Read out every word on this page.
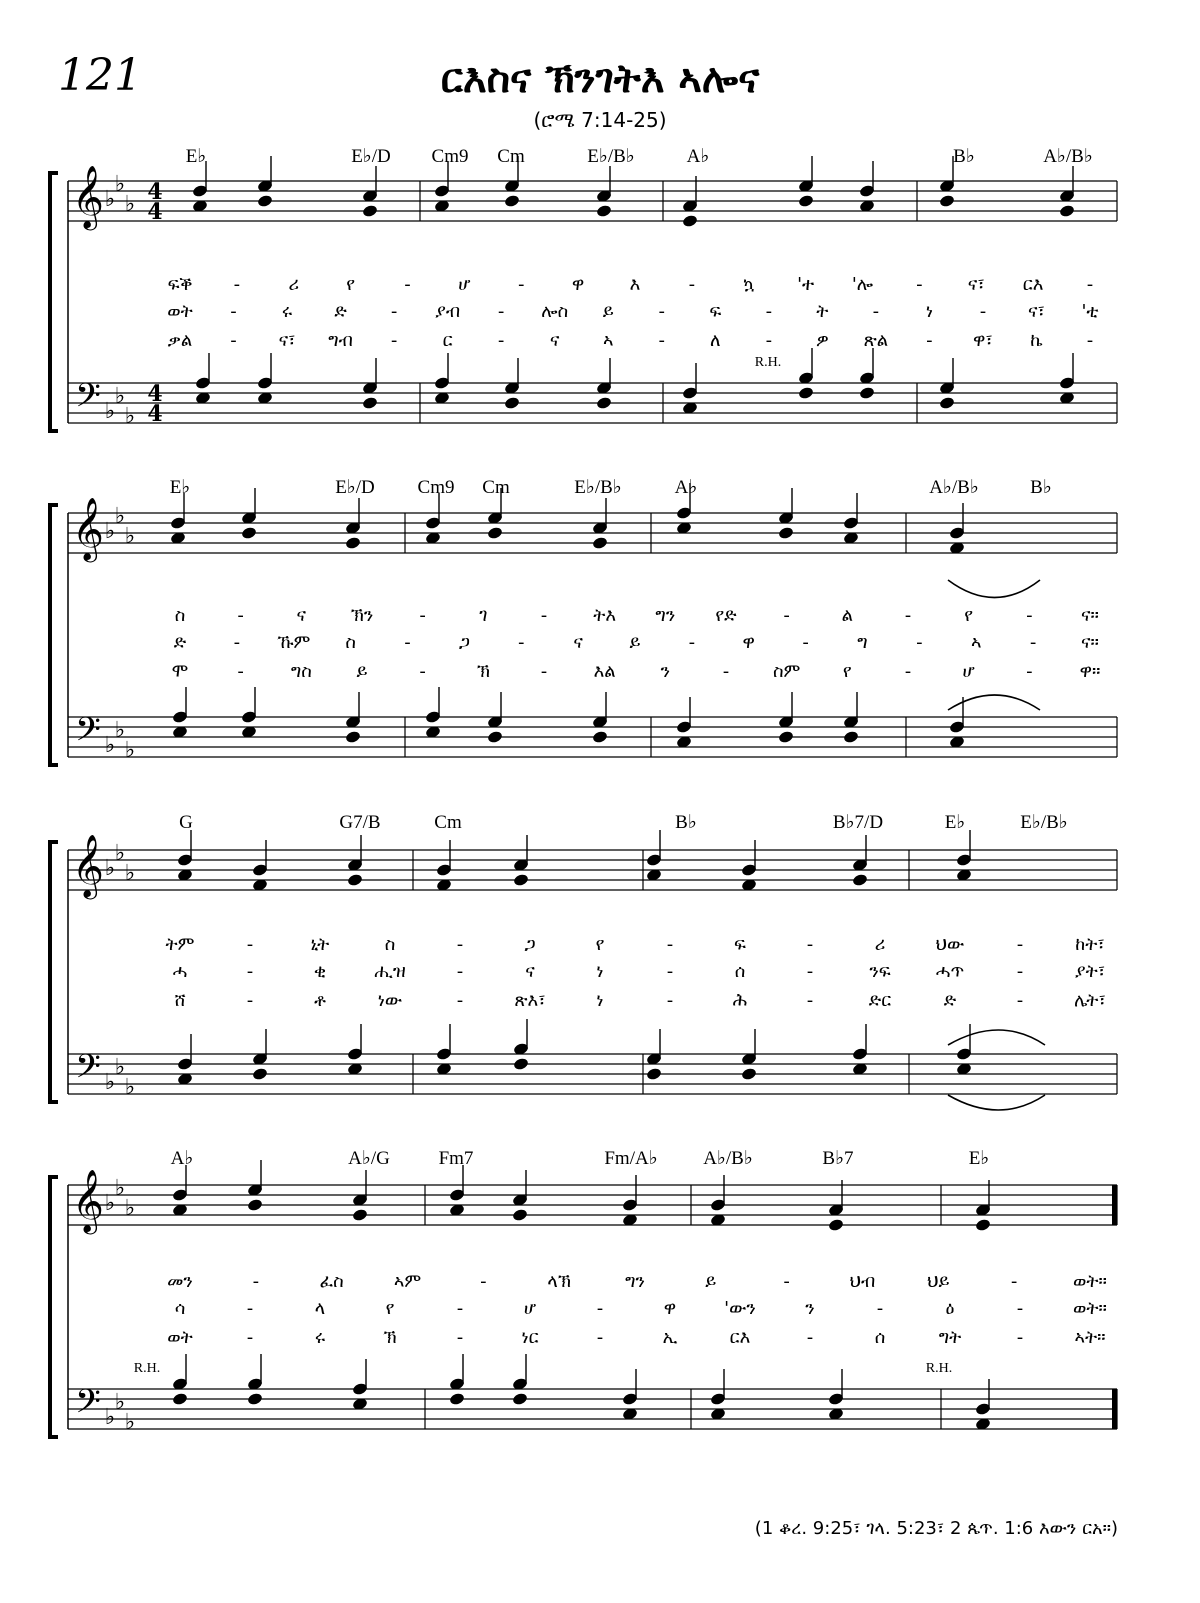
121	ርእስና ኽንገትእ ኣሎና
(ሮሜ 7:14-25)
E♭	E♭/D Cm9 Cm	E♭/B♭	A♭	B♭	A♭/B♭
𝄞
𝄢
♭
♭
♭
♭
♭
♭
4
4
4
4
ፍቕ -	ሪ	የ	-	ሆ	-	ዋ	እ	-	ኳ 'ተ 'ሎ -	ና፣ ርእ -
ወት -	ሩ ድ - ያብ - ሎስ ይ - ፍ - ት -	ነ	- ና፣ 'ቲ
ቃል - ና፣ ግብ -	ር	-	ና ኣ - ለ - ዎ ጽል - ዋ፣ ኬ -
R.H.
E♭	E♭/D Cm9 Cm	E♭/B♭	A♭	A♭/B♭	B♭
𝄞
𝄢
♭
♭
♭
♭
♭
♭
ስ	-	ና ኽን	-	ገ	-	ትእ ግን የድ	-	ል	-	የ	-	ና።
ድ	- ኹም ስ	-	ጋ	-	ና	ይ	-	ዋ	-	ግ	-	ኣ	- ና።
ሞ	-	ግስ ይ	-	ኽ	-	እል ን	- ስም የ	-	ሆ	-	ዋ።
G	G7/B	Cm	B♭	B♭7/D	E♭	E♭/B♭
𝄞
𝄢
♭
♭
♭
♭
♭
♭
ትም	-	ኒት	ስ	-	ጋ	የ	-	ፍ	-	ሪ	ህው	-	ከት፣
ሓ	-	ቂ	ሒዝ	-	ና	ነ	-	ሰ	-	ንፍ	ሓጥ	-	ያት፣
ሸ	-	ቶ	ነው	-	ጽእ፣	ነ	-	ሕ	-	ድር	ድ	-	ሌት፣
A♭	A♭/G	Fm7	Fm/A♭ A♭/B♭	B♭7	E♭
𝄞
𝄢
♭
♭
♭
♭
♭
♭
መን	-	ፈስ	ኣም	-	ላኽ	ግን	ይ	-	ህብ	ህይ	-	ወት።
ሳ	-	ላ	የ	-	ሆ	-	ዋ	'ውን	ን	-	ዕ	-	ወት።
ወት	-	ሩ	ኽ	-	ነር	-	ኢ	ርእ	-	ሰ	ግት	-	ኣት።
R.H.	R.H.
(1 ቆረ. 9:25፣ ገላ. 5:23፣ 2 ጴጥ. 1:6 እውን ርአ።)
